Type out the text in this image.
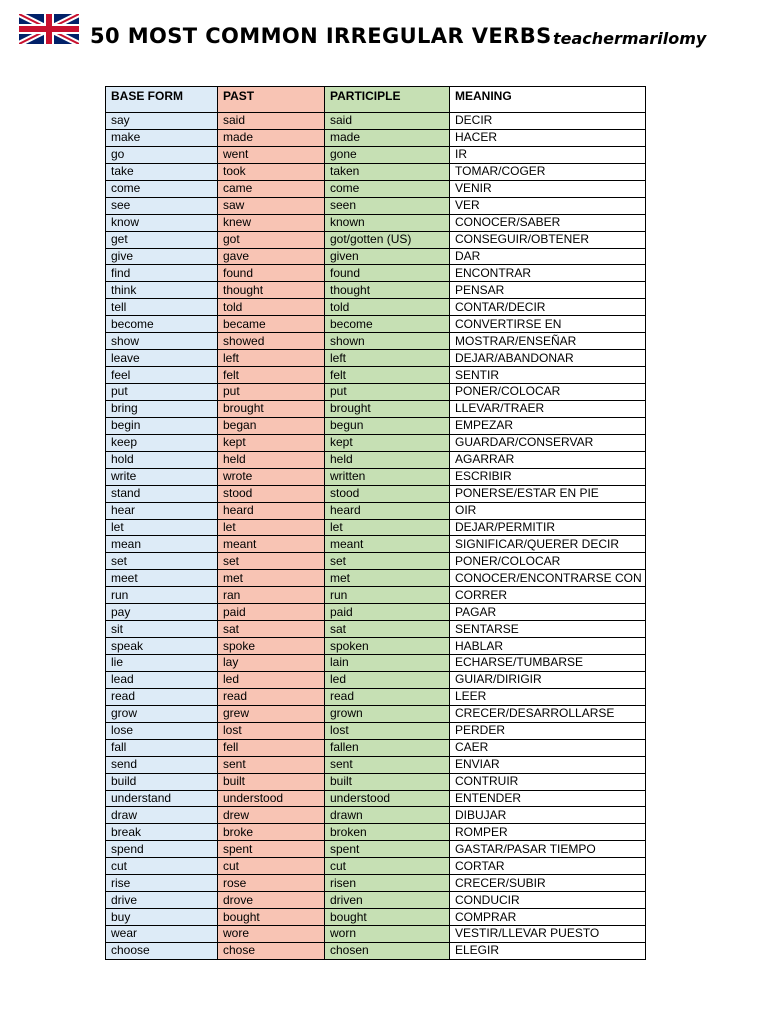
50 MOST COMMON IRREGULAR VERBS teachermarilomy
BASE FORM	PAST	PARTICIPLE	MEANING
say	said	said	DECIR
make	made	made	HACER
go	went	gone	IR
take	took	taken	TOMAR/COGER
come	came	come	VENIR
see	saw	seen	VER
know	knew	known	CONOCER/SABER
get	got	got/gotten (US)	CONSEGUIR/OBTENER
give	gave	given	DAR
find	found	found	ENCONTRAR
think	thought	thought	PENSAR
tell	told	told	CONTAR/DECIR
become	became	become	CONVERTIRSE EN
show	showed	shown	MOSTRAR/ENSEÑAR
leave	left	left	DEJAR/ABANDONAR
feel	felt	felt	SENTIR
put	put	put	PONER/COLOCAR
bring	brought	brought	LLEVAR/TRAER
begin	began	begun	EMPEZAR
keep	kept	kept	GUARDAR/CONSERVAR
hold	held	held	AGARRAR
write	wrote	written	ESCRIBIR
stand	stood	stood	PONERSE/ESTAR EN PIE
hear	heard	heard	OIR
let	let	let	DEJAR/PERMITIR
mean	meant	meant	SIGNIFICAR/QUERER DECIR
set	set	set	PONER/COLOCAR
meet	met	met	CONOCER/ENCONTRARSE CON
run	ran	run	CORRER
pay	paid	paid	PAGAR
sit	sat	sat	SENTARSE
speak	spoke	spoken	HABLAR
lie	lay	lain	ECHARSE/TUMBARSE
lead	led	led	GUIAR/DIRIGIR
read	read	read	LEER
grow	grew	grown	CRECER/DESARROLLARSE
lose	lost	lost	PERDER
fall	fell	fallen	CAER
send	sent	sent	ENVIAR
build	built	built	CONTRUIR
understand	understood	understood	ENTENDER
draw	drew	drawn	DIBUJAR
break	broke	broken	ROMPER
spend	spent	spent	GASTAR/PASAR TIEMPO
cut	cut	cut	CORTAR
rise	rose	risen	CRECER/SUBIR
drive	drove	driven	CONDUCIR
buy	bought	bought	COMPRAR
wear	wore	worn	VESTIR/LLEVAR PUESTO
choose	chose	chosen	ELEGIR
